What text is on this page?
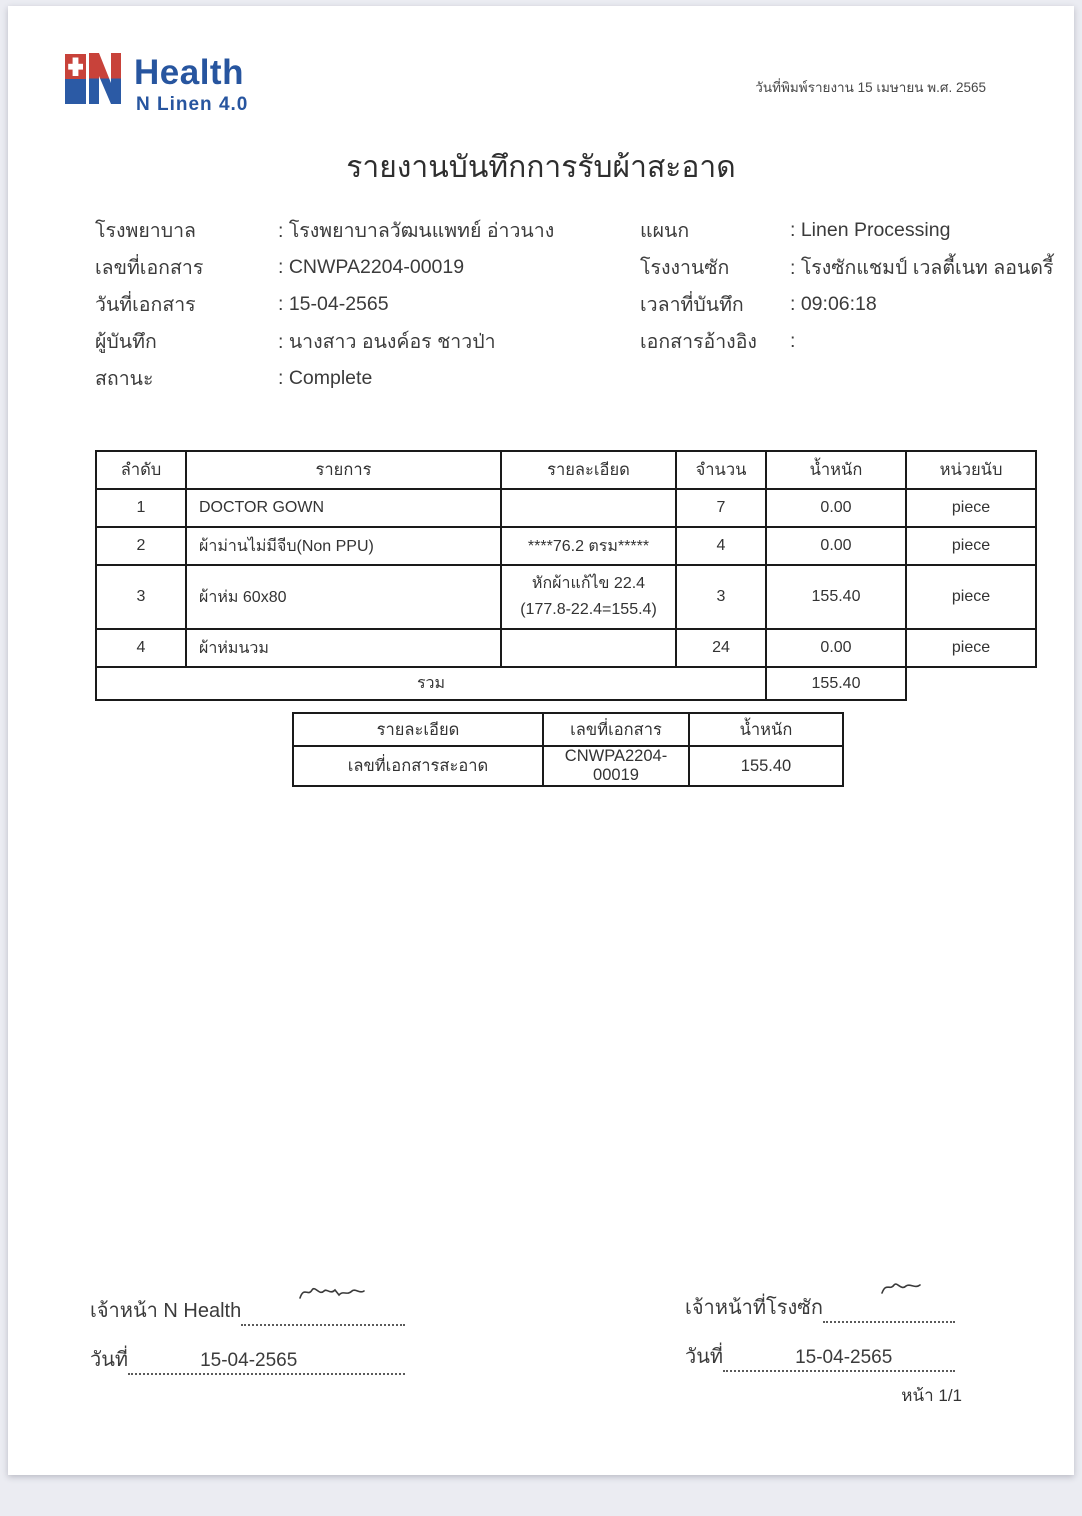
Health
N Linen 4.0
วันที่พิมพ์รายงาน 15 เมษายน พ.ศ. 2565
รายงานบันทึกการรับผ้าสะอาด
โรงพยาบาล	: โรงพยาบาลวัฒนแพทย์ อ่าวนาง
เลขที่เอกสาร	: CNWPA2204-00019
วันที่เอกสาร	: 15-04-2565
ผู้บันทึก	: นางสาว อนงค์อร ชาวป่า
สถานะ	: Complete
แผนก	: Linen Processing
โรงงานซัก	: โรงซักแชมป์ เวลตี้เนท ลอนดรี้
เวลาที่บันทึก	: 09:06:18
เอกสารอ้างอิง	:
ลำดับ	รายการ	รายละเอียด	จำนวน	น้ำหนัก	หน่วยนับ
1	DOCTOR GOWN		7	0.00	piece
2	ผ้าม่านไม่มีจีบ(Non PPU)	****76.2 ตรม*****	4	0.00	piece
3	ผ้าห่ม 60x80	หักผ้าแก้ไข 22.4
(177.8-22.4=155.4)	3	155.40	piece
4	ผ้าห่มนวม		24	0.00	piece
รวม				155.40	
รายละเอียด	เลขที่เอกสาร	น้ำหนัก
เลขที่เอกสารสะอาด	CNWPA2204-00019	155.40
เจ้าหน้า N Health
วันที่	15-04-2565
เจ้าหน้าที่โรงซัก
วันที่	15-04-2565
หน้า 1/1
